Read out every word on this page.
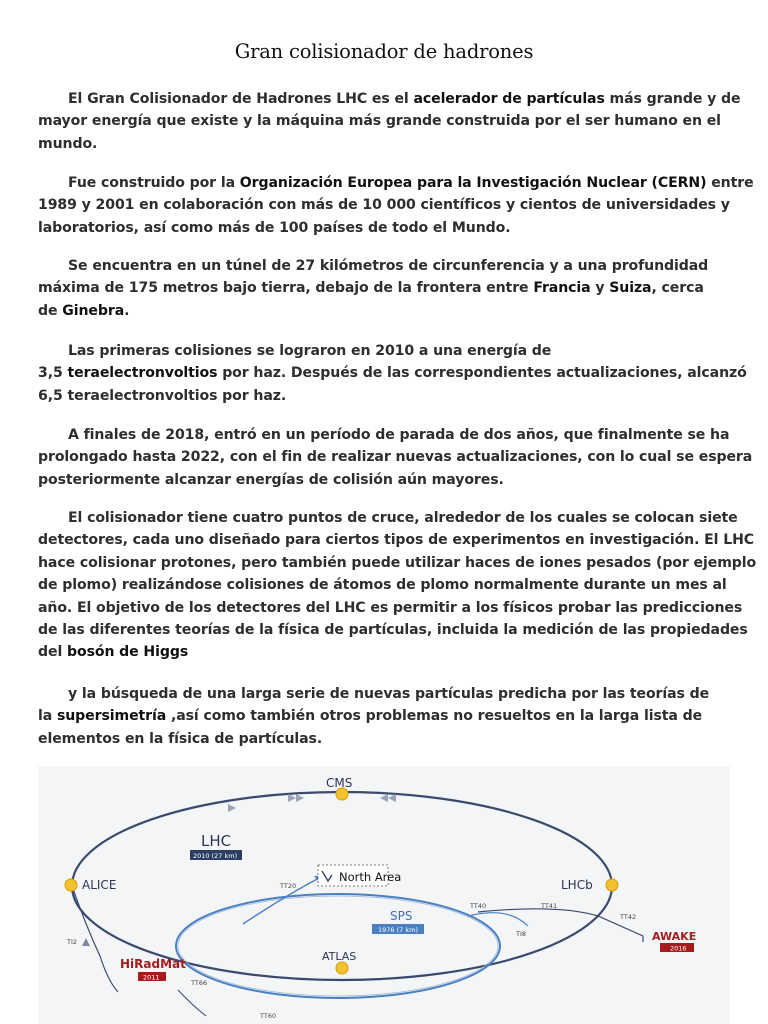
Gran colisionador de hadrones
El Gran Colisionador de Hadrones LHC es el acelerador de partículas más grande y de
mayor energía que existe y la máquina más grande construida por el ser humano en el
mundo.
Fue construido por la Organización Europea para la Investigación Nuclear (CERN) entre
1989 y 2001 en colaboración con más de 10 000 científicos y cientos de universidades y
laboratorios, así como más de 100 países de todo el Mundo.
Se encuentra en un túnel de 27 kilómetros de circunferencia y a una profundidad
máxima de 175 metros bajo tierra, debajo de la frontera entre Francia y Suiza, cerca
de Ginebra.
Las primeras colisiones se lograron en 2010 a una energía de
3,5 teraelectronvoltios por haz. Después de las correspondientes actualizaciones, alcanzó
6,5 teraelectronvoltios por haz.
A finales de 2018, entró en un período de parada de dos años, que finalmente se ha
prolongado hasta 2022, con el fin de realizar nuevas actualizaciones, con lo cual se espera
posteriormente alcanzar energías de colisión aún mayores.
El colisionador tiene cuatro puntos de cruce, alrededor de los cuales se colocan siete
detectores, cada uno diseñado para ciertos tipos de experimentos en investigación. El LHC
hace colisionar protones, pero también puede utilizar haces de iones pesados (por ejemplo
de plomo) realizándose colisiones de átomos de plomo normalmente durante un mes al
año. El objetivo de los detectores del LHC es permitir a los físicos probar las predicciones
de las diferentes teorías de la física de partículas, incluida la medición de las propiedades
del bosón de Higgs
y la búsqueda de una larga serie de nuevas partículas predicha por las teorías de
la supersimetría ,así como también otros problemas no resueltos en la larga lista de
elementos en la física de partículas.
CMS
LHC
2010 (27 km)
ALICE	LHCb
North Area
TT20
SPS
1976 (7 km)
ATLAS
TT40	TT41
TT42
TI8
TI2	AWAKE
2016
HiRadMat
2011
TT66
TT60
